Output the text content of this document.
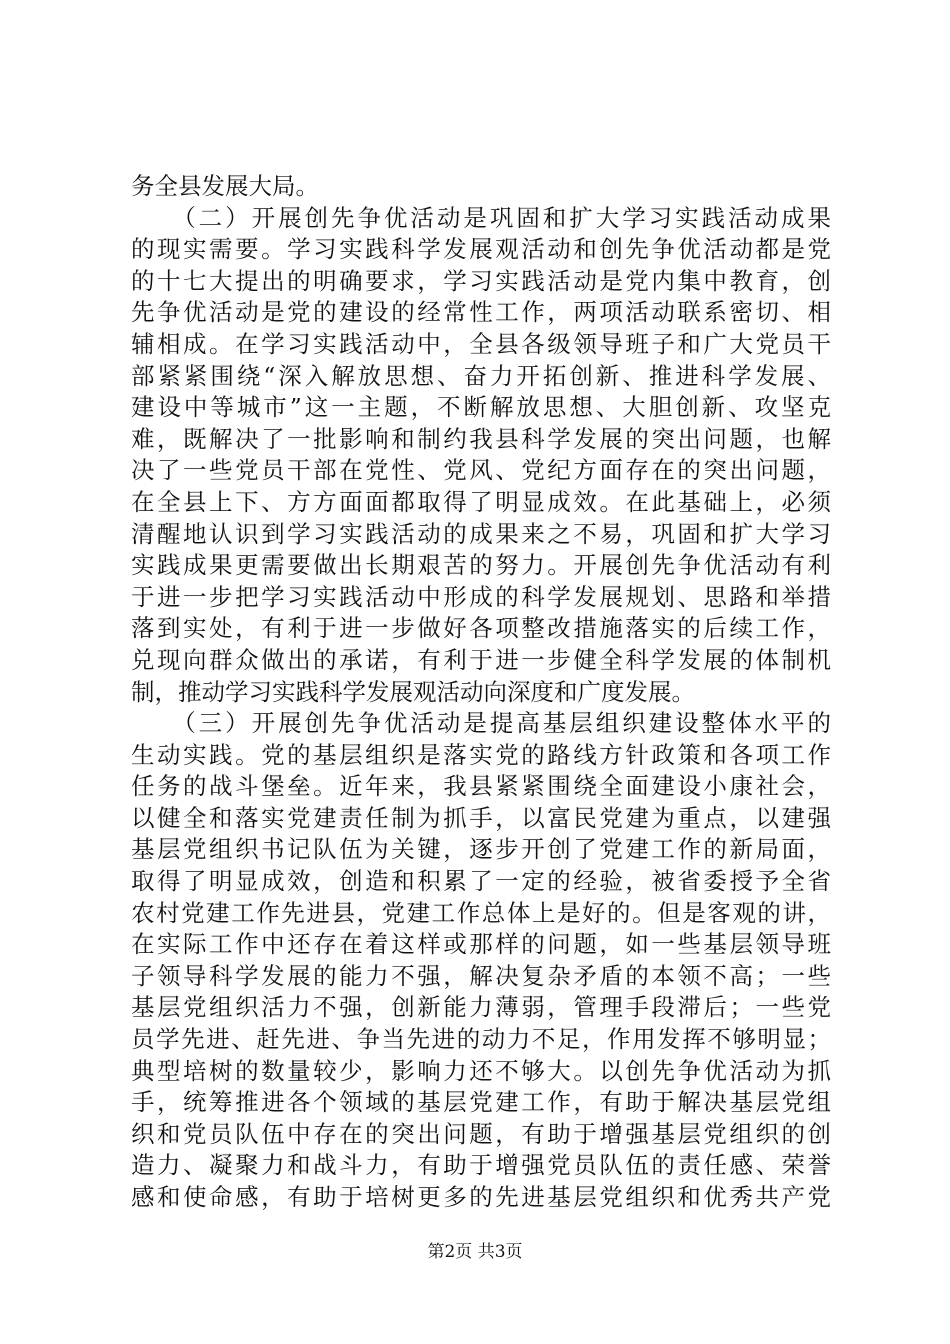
务全县发展大局。
　　（二）开展创先争优活动是巩固和扩大学习实践活动成果
的现实需要。学习实践科学发展观活动和创先争优活动都是党
的十七大提出的明确要求，学习实践活动是党内集中教育，创
先争优活动是党的建设的经常性工作，两项活动联系密切、相
辅相成。在学习实践活动中，全县各级领导班子和广大党员干
部紧紧围绕“深入解放思想、奋力开拓创新、推进科学发展、
建设中等城市”这一主题，不断解放思想、大胆创新、攻坚克
难，既解决了一批影响和制约我县科学发展的突出问题，也解
决了一些党员干部在党性、党风、党纪方面存在的突出问题，
在全县上下、方方面面都取得了明显成效。在此基础上，必须
清醒地认识到学习实践活动的成果来之不易，巩固和扩大学习
实践成果更需要做出长期艰苦的努力。开展创先争优活动有利
于进一步把学习实践活动中形成的科学发展规划、思路和举措
落到实处，有利于进一步做好各项整改措施落实的后续工作，
兑现向群众做出的承诺，有利于进一步健全科学发展的体制机
制，推动学习实践科学发展观活动向深度和广度发展。
　　（三）开展创先争优活动是提高基层组织建设整体水平的
生动实践。党的基层组织是落实党的路线方针政策和各项工作
任务的战斗堡垒。近年来，我县紧紧围绕全面建设小康社会，
以健全和落实党建责任制为抓手，以富民党建为重点，以建强
基层党组织书记队伍为关键，逐步开创了党建工作的新局面，
取得了明显成效，创造和积累了一定的经验，被省委授予全省
农村党建工作先进县，党建工作总体上是好的。但是客观的讲，
在实际工作中还存在着这样或那样的问题，如一些基层领导班
子领导科学发展的能力不强，解决复杂矛盾的本领不高；一些
基层党组织活力不强，创新能力薄弱，管理手段滞后；一些党
员学先进、赶先进、争当先进的动力不足，作用发挥不够明显；
典型培树的数量较少，影响力还不够大。以创先争优活动为抓
手，统筹推进各个领域的基层党建工作，有助于解决基层党组
织和党员队伍中存在的突出问题，有助于增强基层党组织的创
造力、凝聚力和战斗力，有助于增强党员队伍的责任感、荣誉
感和使命感，有助于培树更多的先进基层党组织和优秀共产党
第2页 共3页
